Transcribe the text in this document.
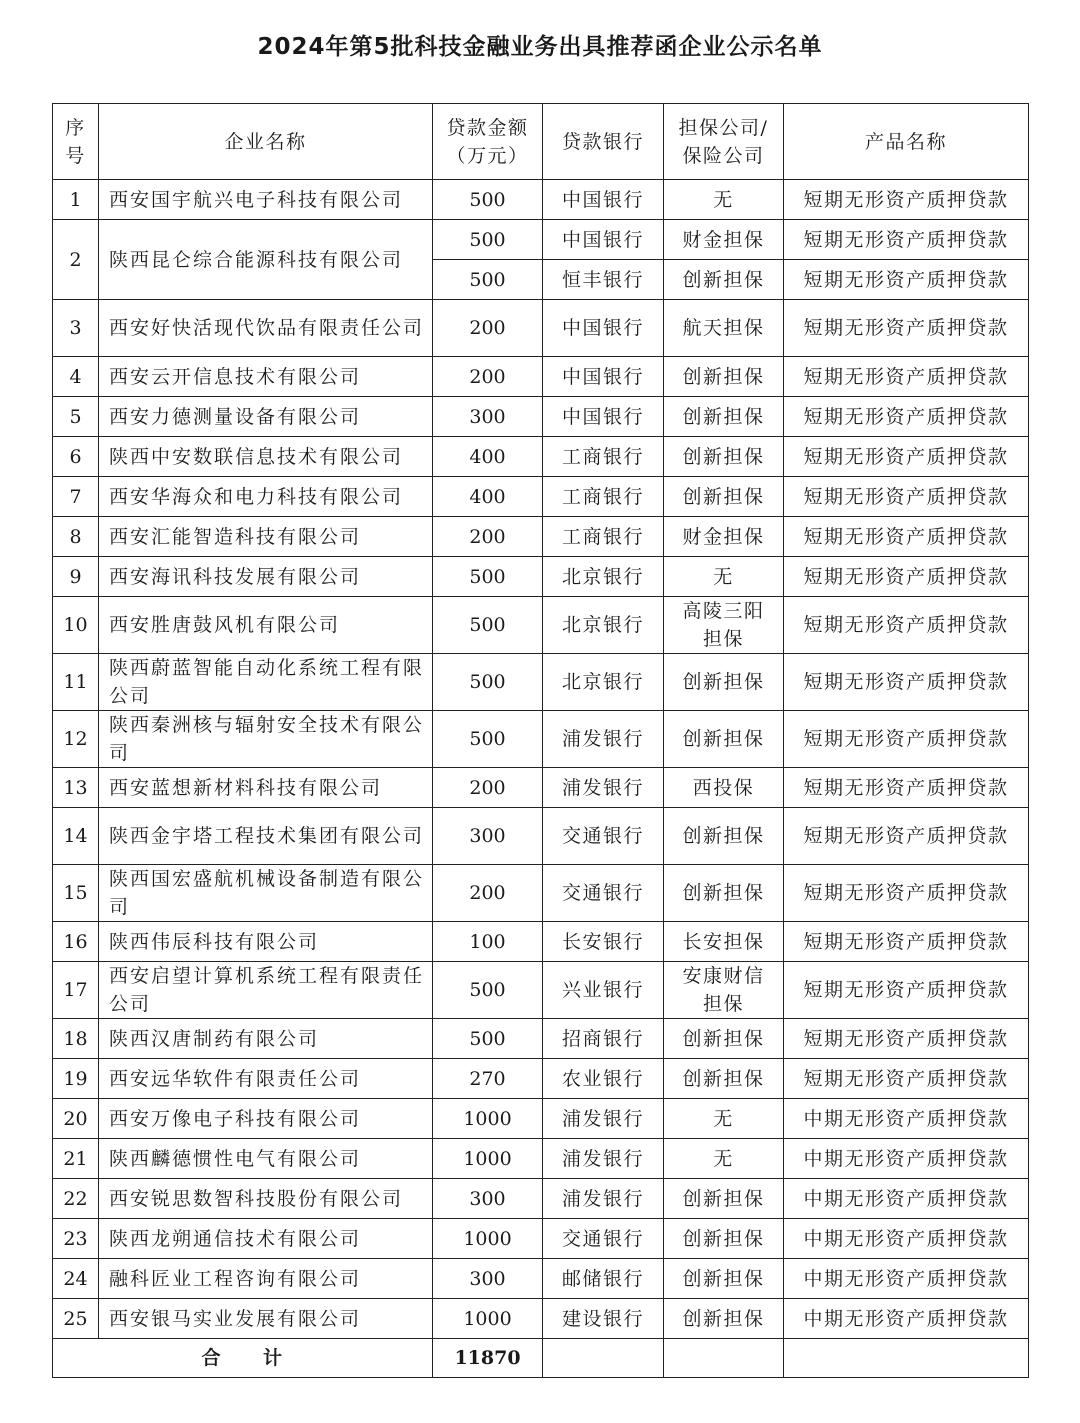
2024年第5批科技金融业务出具推荐函企业公示名单
序号	企业名称	贷款金额（万元）	贷款银行	担保公司/保险公司	产品名称
1	西安国宇航兴电子科技有限公司	500	中国银行	无	短期无形资产质押贷款
2	陕西昆仑综合能源科技有限公司	500	中国银行	财金担保	短期无形资产质押贷款
		500	恒丰银行	创新担保	短期无形资产质押贷款
3	西安好快活现代饮品有限责任公司	200	中国银行	航天担保	短期无形资产质押贷款
4	西安云开信息技术有限公司	200	中国银行	创新担保	短期无形资产质押贷款
5	西安力德测量设备有限公司	300	中国银行	创新担保	短期无形资产质押贷款
6	陕西中安数联信息技术有限公司	400	工商银行	创新担保	短期无形资产质押贷款
7	西安华海众和电力科技有限公司	400	工商银行	创新担保	短期无形资产质押贷款
8	西安汇能智造科技有限公司	200	工商银行	财金担保	短期无形资产质押贷款
9	西安海讯科技发展有限公司	500	北京银行	无	短期无形资产质押贷款
10	西安胜唐鼓风机有限公司	500	北京银行	高陵三阳担保	短期无形资产质押贷款
11	陕西蔚蓝智能自动化系统工程有限公司	500	北京银行	创新担保	短期无形资产质押贷款
12	陕西秦洲核与辐射安全技术有限公司	500	浦发银行	创新担保	短期无形资产质押贷款
13	西安蓝想新材料科技有限公司	200	浦发银行	西投保	短期无形资产质押贷款
14	陕西金宇塔工程技术集团有限公司	300	交通银行	创新担保	短期无形资产质押贷款
15	陕西国宏盛航机械设备制造有限公司	200	交通银行	创新担保	短期无形资产质押贷款
16	陕西伟辰科技有限公司	100	长安银行	长安担保	短期无形资产质押贷款
17	西安启望计算机系统工程有限责任公司	500	兴业银行	安康财信担保	短期无形资产质押贷款
18	陕西汉唐制药有限公司	500	招商银行	创新担保	短期无形资产质押贷款
19	西安远华软件有限责任公司	270	农业银行	创新担保	短期无形资产质押贷款
20	西安万像电子科技有限公司	1000	浦发银行	无	中期无形资产质押贷款
21	陕西麟德惯性电气有限公司	1000	浦发银行	无	中期无形资产质押贷款
22	西安锐思数智科技股份有限公司	300	浦发银行	创新担保	中期无形资产质押贷款
23	陕西龙朔通信技术有限公司	1000	交通银行	创新担保	中期无形资产质押贷款
24	融科匠业工程咨询有限公司	300	邮储银行	创新担保	中期无形资产质押贷款
25	西安银马实业发展有限公司	1000	建设银行	创新担保	中期无形资产质押贷款
合　　计		11870			
